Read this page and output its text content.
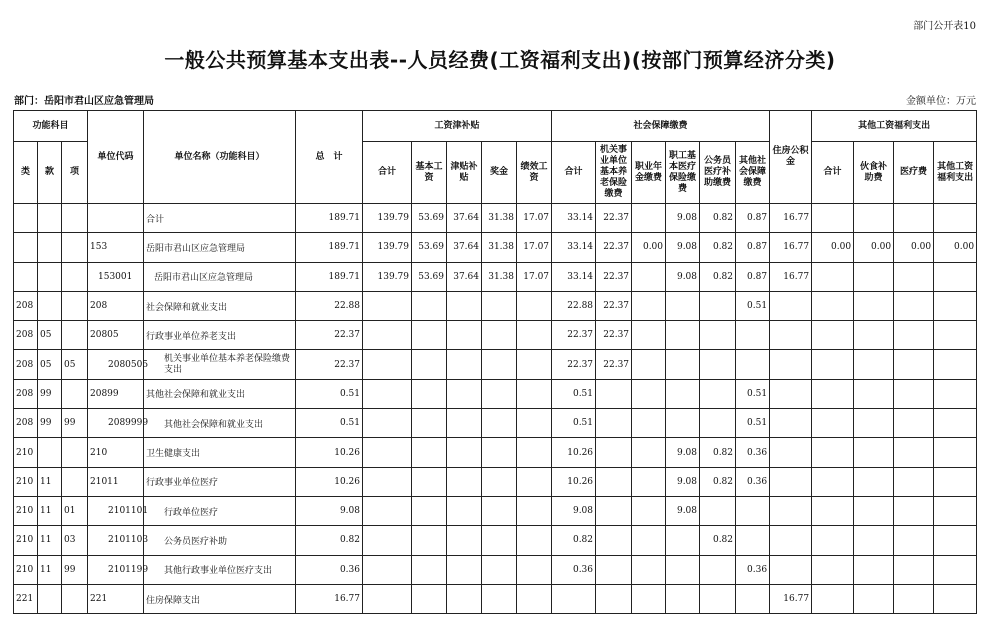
部门公开表10
一般公共预算基本支出表--人员经费(工资福利支出)(按部门预算经济分类)
部门：岳阳市君山区应急管理局	金额单位：万元
功能科目			单位代码	单位名称（功能科目）	总　计	工资津补贴					社会保障缴费						住房公积金	其他工资福利支出			
类	款	项				合计	基本工资	津贴补贴	奖金	绩效工资	合计	机关事业单位基本养老保险缴费	职业年金缴费	职工基本医疗保险缴费	公务员医疗补助缴费	其他社会保障缴费		合计	伙食补助费	医疗费	其他工资福利支出
				合计	189.71	139.79	53.69	37.64	31.38	17.07	33.14	22.37		9.08	0.82	0.87	16.77				
			153	岳阳市君山区应急管理局	189.71	139.79	53.69	37.64	31.38	17.07	33.14	22.37	0.00	9.08	0.82	0.87	16.77	0.00	0.00	0.00	0.00
			153001	岳阳市君山区应急管理局	189.71	139.79	53.69	37.64	31.38	17.07	33.14	22.37		9.08	0.82	0.87	16.77				
208			208	社会保障和就业支出	22.88						22.88	22.37				0.51					
208	05		20805	行政事业单位养老支出	22.37						22.37	22.37									
208	05	05	2080505	机关事业单位基本养老保险缴费支出	22.37						22.37	22.37									
208	99		20899	其他社会保障和就业支出	0.51						0.51					0.51					
208	99	99	2089999	其他社会保障和就业支出	0.51						0.51					0.51					
210			210	卫生健康支出	10.26						10.26			9.08	0.82	0.36					
210	11		21011	行政事业单位医疗	10.26						10.26			9.08	0.82	0.36					
210	11	01	2101101	行政单位医疗	9.08						9.08			9.08							
210	11	03	2101103	公务员医疗补助	0.82						0.82				0.82						
210	11	99	2101199	其他行政事业单位医疗支出	0.36						0.36					0.36					
221			221	住房保障支出	16.77												16.77				
